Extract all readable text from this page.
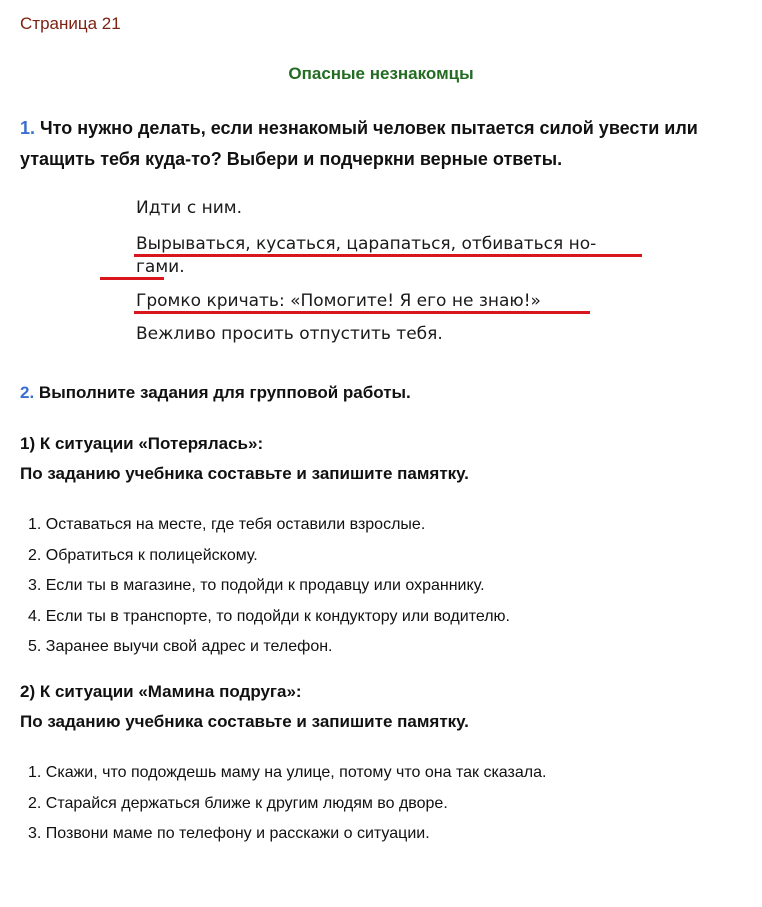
Страница 21
Опасные незнакомцы
1. Что нужно делать, если незнакомый человек пытается силой увести или утащить тебя куда-то? Выбери и подчеркни верные ответы.
Идти с ним.
Вырываться, кусаться, царапаться, отбиваться но-
гами.
Громко кричать: «Помогите! Я его не знаю!»
Вежливо просить отпустить тебя.
2. Выполните задания для групповой работы.
1) К ситуации «Потерялась»:
По заданию учебника составьте и запишите памятку.
1. Оставаться на месте, где тебя оставили взрослые.
2. Обратиться к полицейскому.
3. Если ты в магазине, то подойди к продавцу или охраннику.
4. Если ты в транспорте, то подойди к кондуктору или водителю.
5. Заранее выучи свой адрес и телефон.
2) К ситуации «Мамина подруга»:
По заданию учебника составьте и запишите памятку.
1. Скажи, что подождешь маму на улице, потому что она так сказала.
2. Старайся держаться ближе к другим людям во дворе.
3. Позвони маме по телефону и расскажи о ситуации.
